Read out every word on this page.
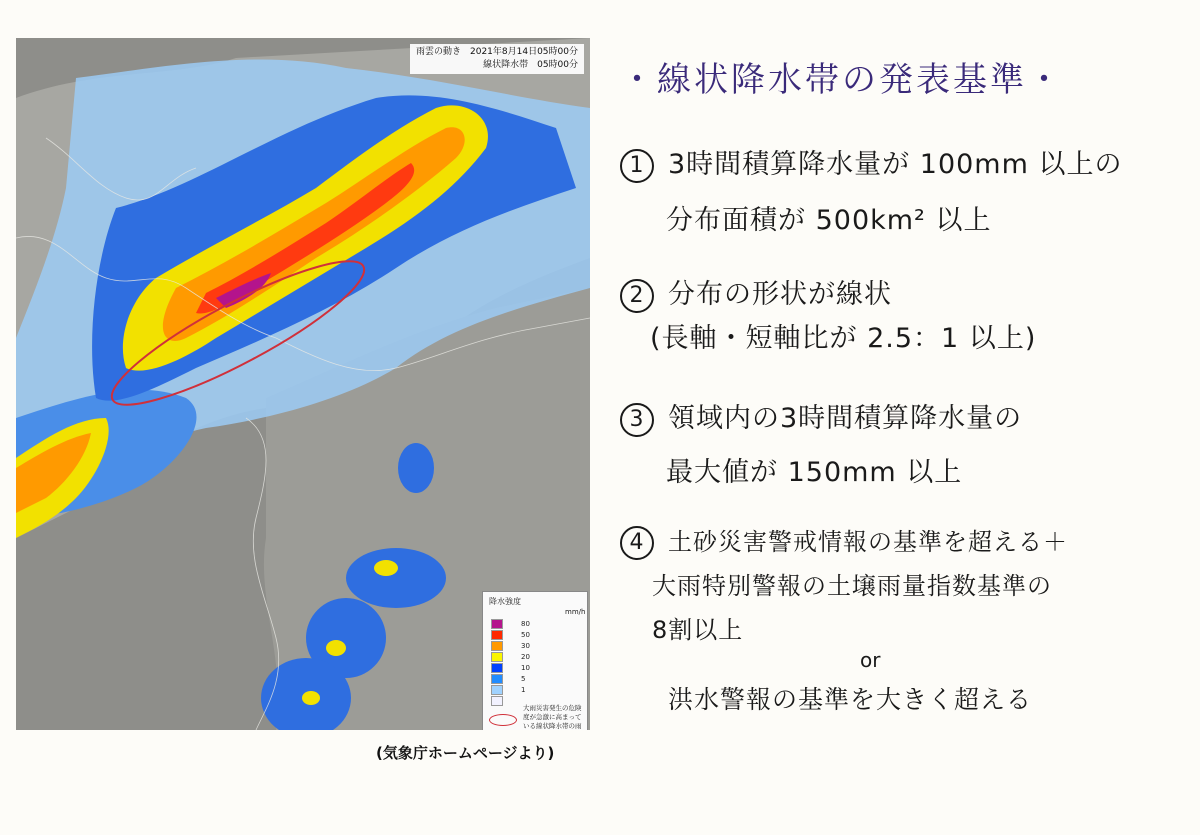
雨雲の動き　2021年8月14日05時00分
線状降水帯　05時00分
降水強度
mm/h
80
50
30
20
10
5
1
大雨災害発生の危険度が急激に高まっている線状降水帯の雨
(気象庁ホームページより)
・線状降水帯の発表基準・
1 3時間積算降水量が 100mm 以上の
分布面積が 500km² 以上
2 分布の形状が線状
(長軸・短軸比が 2.5：1 以上)
3 領域内の3時間積算降水量の
最大値が 150mm 以上
4 土砂災害警戒情報の基準を超える＋
大雨特別警報の土壌雨量指数基準の
8割以上
or
洪水警報の基準を大きく超える
